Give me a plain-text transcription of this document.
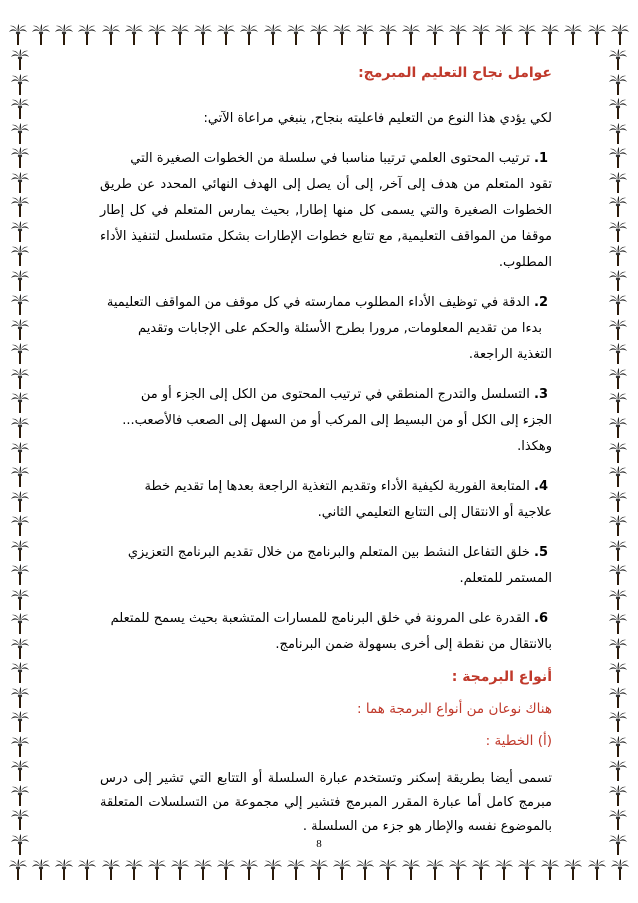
عوامل نجاح التعليم المبرمج:
لكي يؤدي هذا النوع من التعليم فاعليته بنجاح, ينبغي مراعاة الآتي:
1. ترتيب المحتوى العلمي ترتيبا مناسبا في سلسلة من الخطوات الصغيرة التي
تقود المتعلم من هدف إلى آخر, إلى أن يصل إلى الهدف النهائي المحدد عن طريق
الخطوات الصغيرة والتي يسمى كل منها إطارا, بحيث يمارس المتعلم في كل إطار
موقفا من المواقف التعليمية, مع تتابع خطوات الإطارات بشكل متسلسل لتنفيذ الأداء
المطلوب.
2. الدقة في توظيف الأداء المطلوب ممارسته في كل موقف من المواقف التعليمية
بدءا من تقديم المعلومات, مرورا بطرح الأسئلة والحكم على الإجابات وتقديم
التغذية الراجعة.
3. التسلسل والتدرج المنطقي في ترتيب المحتوى من الكل إلى الجزء أو من
الجزء إلى الكل أو من البسيط إلى المركب أو من السهل إلى الصعب فالأصعب...
وهكذا.
4. المتابعة الفورية لكيفية الأداء وتقديم التغذية الراجعة بعدها إما تقديم خطة
علاجية أو الانتقال إلى التتابع التعليمي الثاني.
5. خلق التفاعل النشط بين المتعلم والبرنامج من خلال تقديم البرنامج التعزيزي
المستمر للمتعلم.
6. القدرة على المرونة في خلق البرنامج للمسارات المتشعبة بحيث يسمح للمتعلم
بالانتقال من نقطة إلى أخرى بسهولة ضمن البرنامج.
أنواع البرمجة :
هناك نوعان من أنواع البرمجة هما :
(أ) الخطية :
تسمى أيضا بطريقة إسكنر وتستخدم عبارة السلسلة أو التتابع التي تشير إلى درس
مبرمج كامل أما عبارة المقرر المبرمج فتشير إلي مجموعة من التسلسلات المتعلقة
بالموضوع نفسه والإطار هو جزء من السلسلة .
8
